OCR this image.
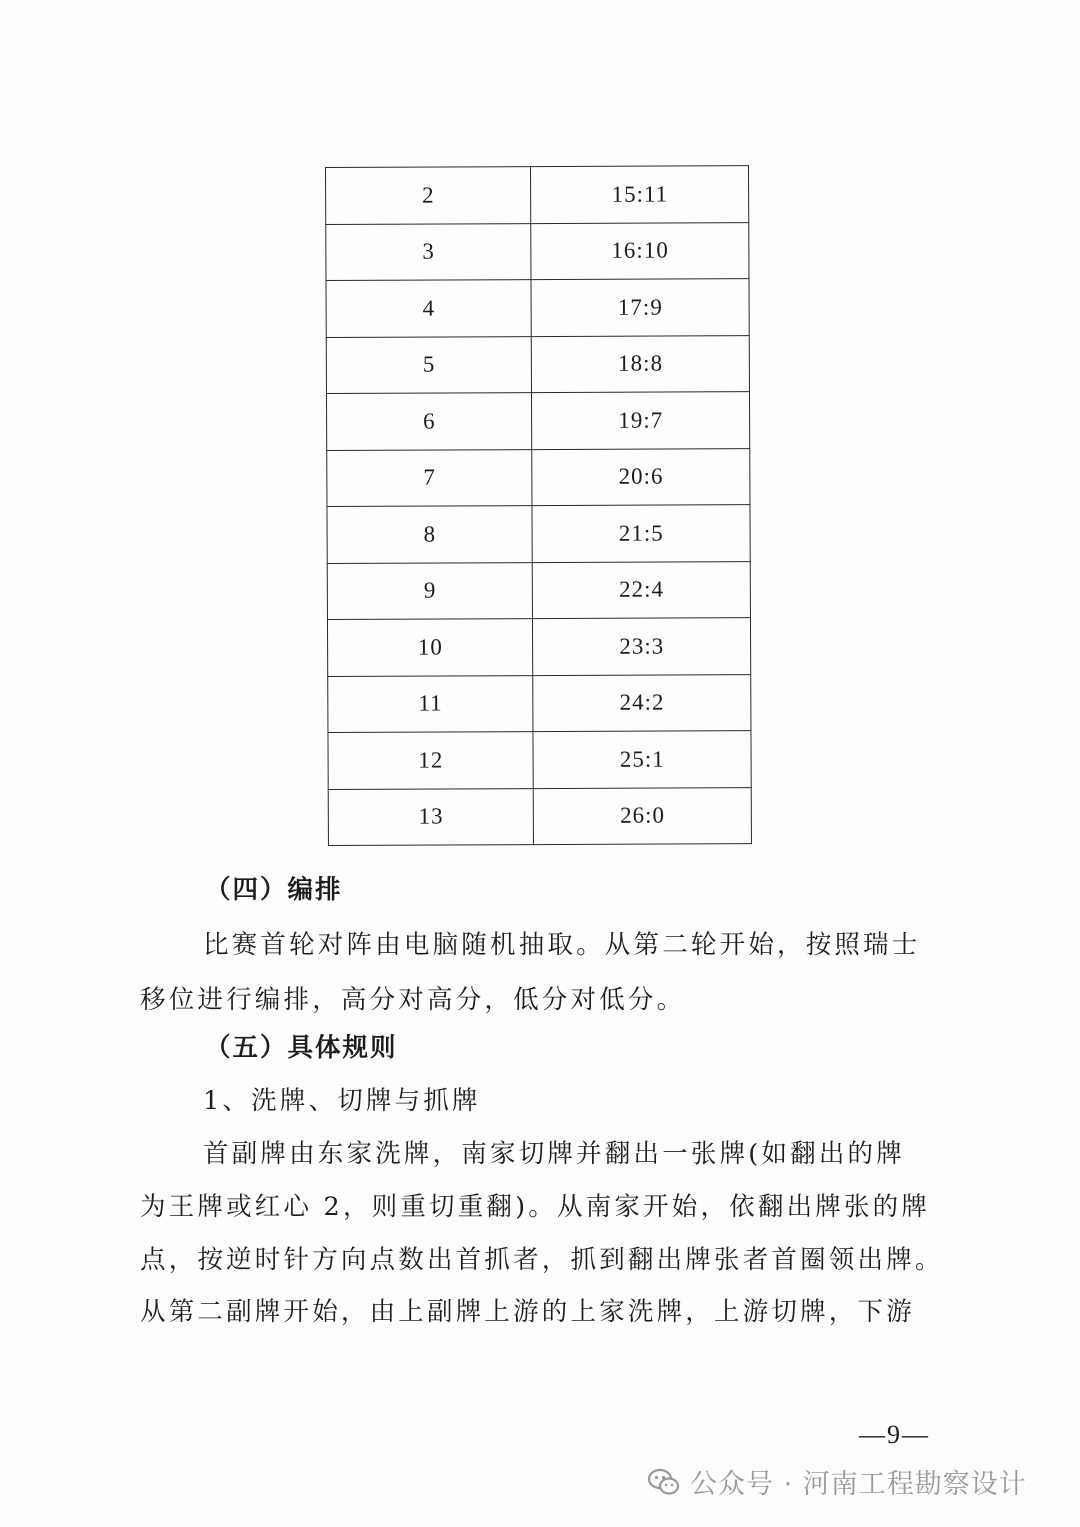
2	15:11
3	16:10
4	17:9
5	18:8
6	19:7
7	20:6
8	21:5
9	22:4
10	23:3
11	24:2
12	25:1
13	26:0

（四）编排

比赛首轮对阵由电脑随机抽取。从第二轮开始，按照瑞士

移位进行编排，高分对高分，低分对低分。

（五）具体规则

1、洗牌、切牌与抓牌

首副牌由东家洗牌，南家切牌并翻出一张牌(如翻出的牌

为王牌或红心 2，则重切重翻)。从南家开始，依翻出牌张的牌

点，按逆时针方向点数出首抓者，抓到翻出牌张者首圈领出牌。

从第二副牌开始，由上副牌上游的上家洗牌，上游切牌，下游

—9—
公众号 · 河南工程勘察设计
